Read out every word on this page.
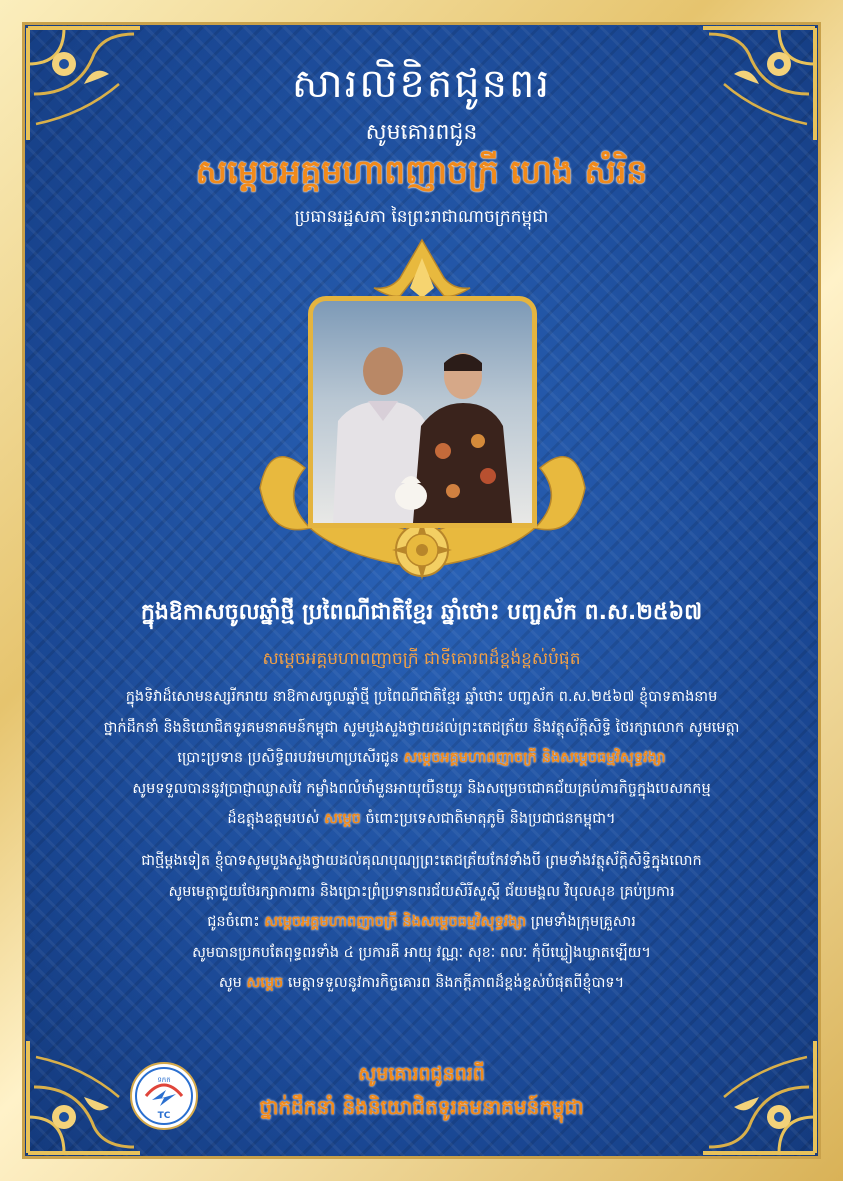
សារលិខិតជូនពរ
សូមគោរពជូន
សម្តេចអគ្គមហាពញាចក្រី ហេង សំរិន
ប្រធានរដ្ឋសភា នៃព្រះរាជាណាចក្រកម្ពុជា
ក្នុងឱកាសចូលឆ្នាំថ្មី ប្រពៃណីជាតិខ្មែរ ឆ្នាំថោះ បញ្ចស័ក ព.ស.២៥៦៧
សម្តេចអគ្គមហាពញាចក្រី ជាទីគោរពដ៏ខ្ពង់ខ្ពស់បំផុត
ក្នុងទិវាដ៏សោមនស្សរីករាយ នាឱកាសចូលឆ្នាំថ្មី ប្រពៃណីជាតិខ្មែរ ឆ្នាំថោះ បញ្ចស័ក ព.ស.២៥៦៧ ខ្ញុំបាទតាងនាម
ថ្នាក់ដឹកនាំ និងនិយោជិតទូរគមនាគមន៍កម្ពុជា សូមបួងសួងថ្វាយដល់ព្រះតេជត្រ័យ និងវត្ថុស័ក្តិសិទ្ធិ ថៃរក្សាលោក សូមមេត្តា
ប្រោះប្រទាន ប្រសិទ្ធិពរបវរមហាប្រសើរជូន សម្តេចអគ្គមហាពញាចក្រី និងសម្តេចធម្មវិសុទ្ធវង្សា
សូមទទួលបាននូវប្រាជ្ញាឈ្លាសវៃ កម្លាំងពលំមាំមួនអាយុយឺនយូរ និងសម្រេចជោគជ័យគ្រប់ភារកិច្ចក្នុងបេសកកម្ម
ដ៏ឧត្តុងឧត្តមរបស់ សម្តេច ចំពោះប្រទេសជាតិមាតុភូមិ និងប្រជាជនកម្ពុជា។
ជាថ្មីម្តងទៀត ខ្ញុំបាទសូមបួងសួងថ្វាយដល់គុណបុណ្យព្រះតេជត្រ័យកែវទាំងបី ព្រមទាំងវត្ថុស័ក្តិសិទ្ធិក្នុងលោក
សូមមេត្តាជួយថែរក្សាការពារ និងប្រោះព្រំប្រទានពរជ័យសិរីសួស្តី ជ័យមង្គល វិបុលសុខ គ្រប់ប្រការ
ជូនចំពោះ សម្តេចអគ្គមហាពញាចក្រី និងសម្តេចធម្មវិសុទ្ធវង្សា ព្រមទាំងក្រុមគ្រួសារ
សូមបានប្រកបតែពុទ្ធពរទាំង ៤ ប្រការគឺ អាយុ វណ្ណៈ សុខៈ ពលៈ កុំបីឃ្លៀងឃ្លាតឡើយ។
សូម សម្តេច មេត្តាទទួលនូវការកិច្ចគោរព និងកក្តីភាពដ៏ខ្ពង់ខ្ពស់បំផុតពីខ្ញុំបាទ។
ទកក
TC
សូមគោរពជូនពរពី
ថ្នាក់ដឹកនាំ និងនិយោជិតទូរគមនាគមន៍កម្ពុជា
